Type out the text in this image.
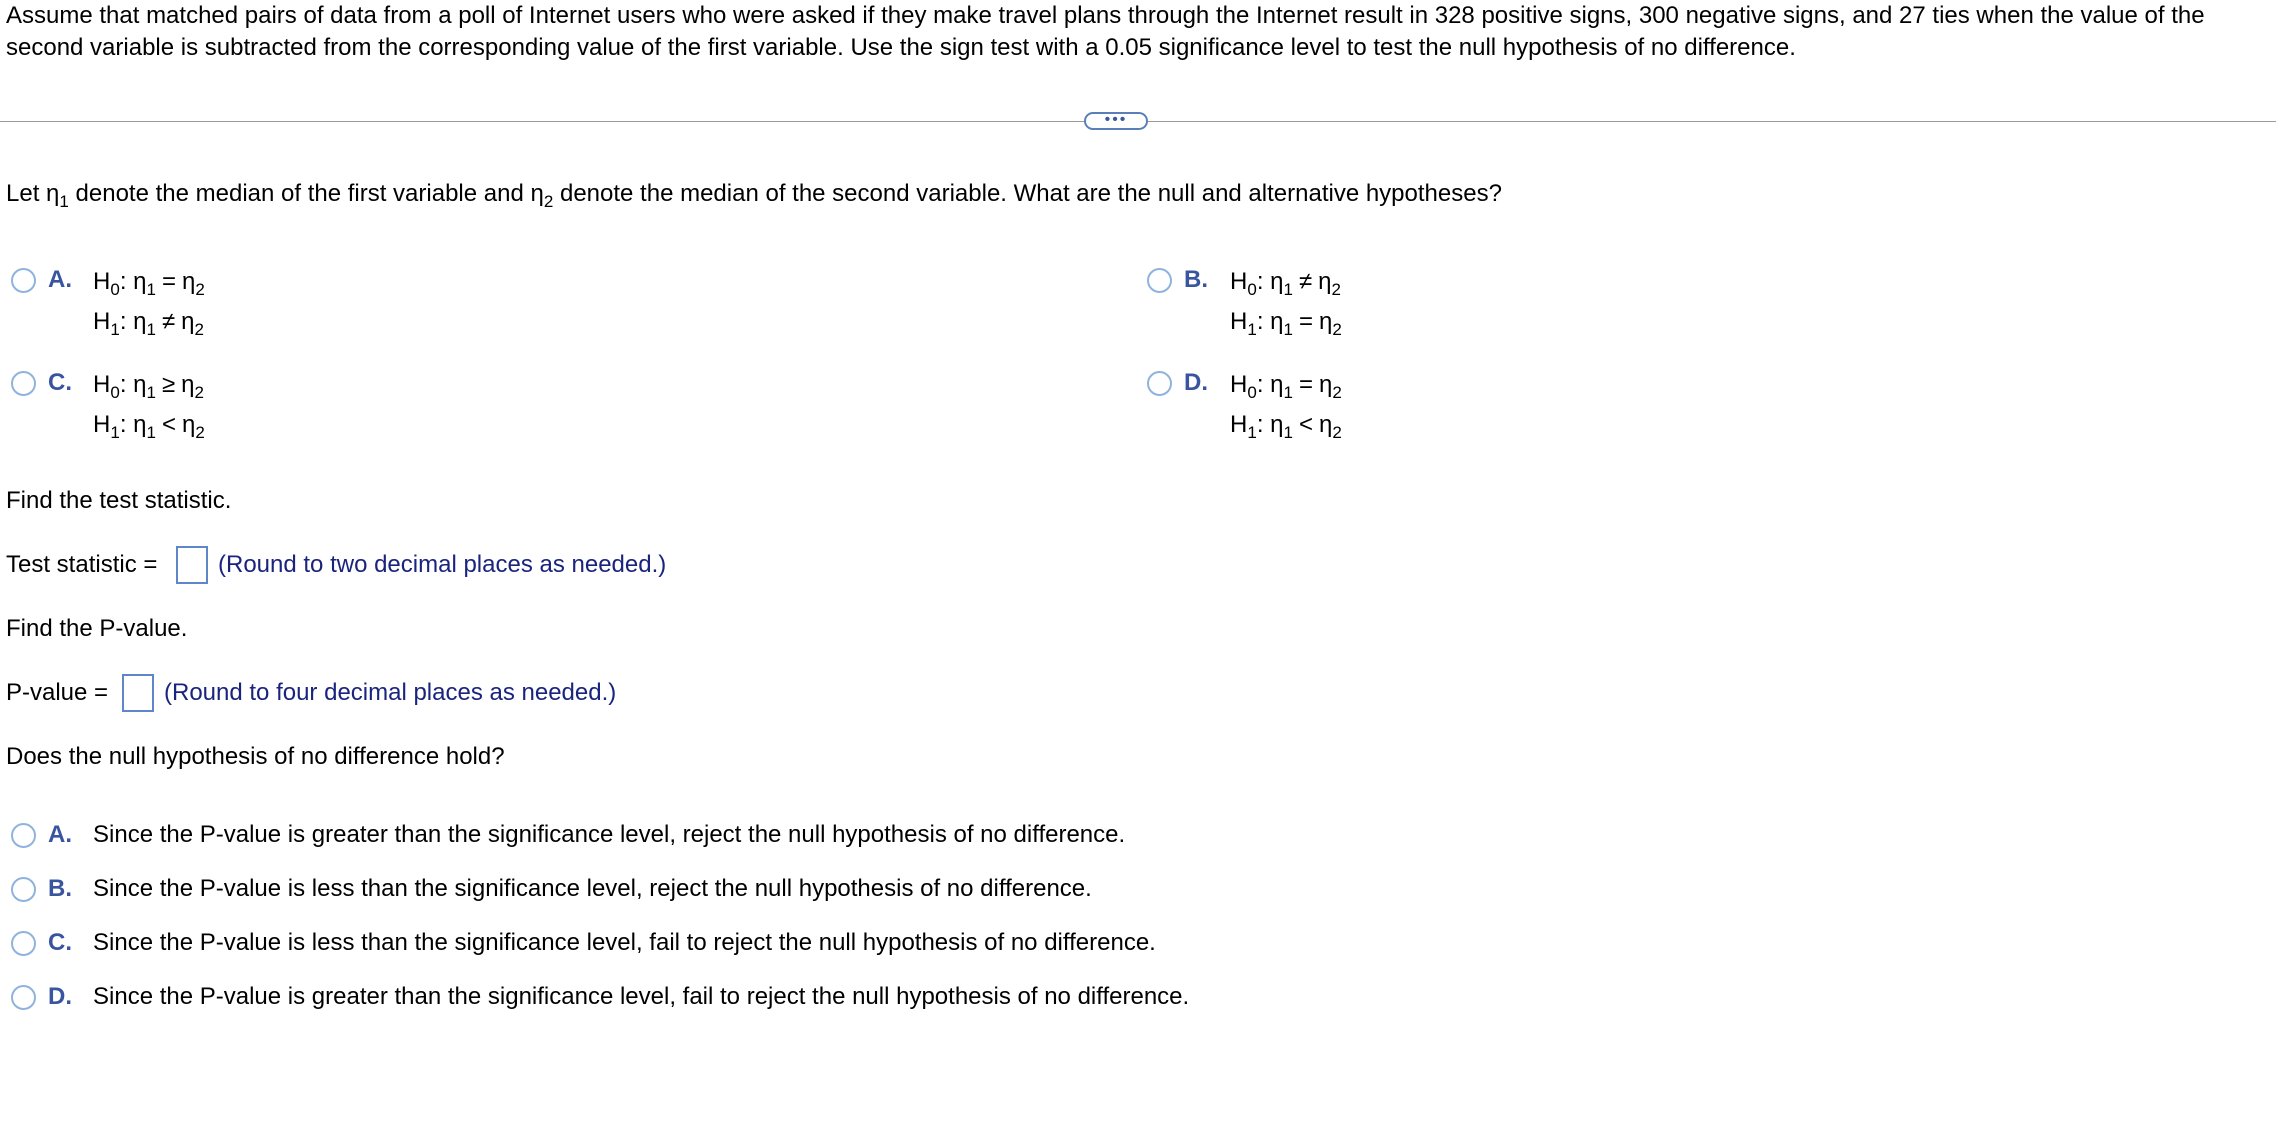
Assume that matched pairs of data from a poll of Internet users who were asked if they make travel plans through the Internet result in 328 positive signs, 300 negative signs, and 27 ties when the value of the second variable is subtracted from the corresponding value of the first variable. Use the sign test with a 0.05 significance level to test the null hypothesis of no difference.
•••
Let $\eta_1$ denote the median of the first variable and $\eta_2$ denote the median of the second variable. What are the null and alternative hypotheses?
A. $H_0$: $\eta_1 = \eta_2$
$H_1$: $\eta_1 \ne \eta_2$
B. $H_0$: $\eta_1 \ne \eta_2$
$H_1$: $\eta_1 = \eta_2$
C. $H_0$: $\eta_1 \ge \eta_2$
$H_1$: $\eta_1 < \eta_2$
D. $H_0$: $\eta_1 = \eta_2$
$H_1$: $\eta_1 < \eta_2$
Find the test statistic.
Test statistic =	(Round to two decimal places as needed.)
Find the P-value.
P-value = (Round to four decimal places as needed.)
Does the null hypothesis of no difference hold?
A. Since the P-value is greater than the significance level, reject the null hypothesis of no difference.
B. Since the P-value is less than the significance level, reject the null hypothesis of no difference.
C. Since the P-value is less than the significance level, fail to reject the null hypothesis of no difference.
D. Since the P-value is greater than the significance level, fail to reject the null hypothesis of no difference.
